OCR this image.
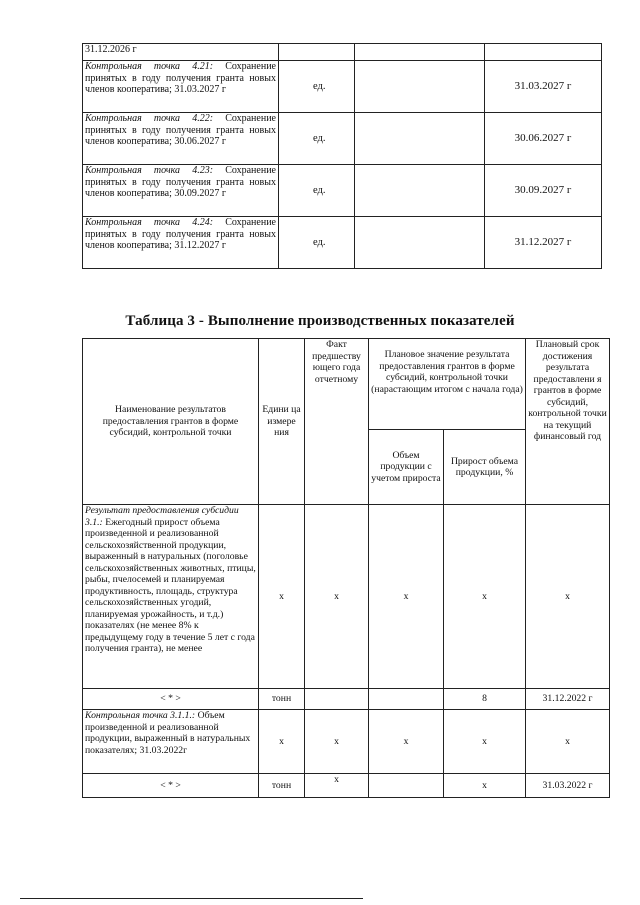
31.12.2026 г			
Контрольная точка 4.21: Сохранение принятых в году получения гранта новых членов кооператива; 31.03.2027 г	ед.		31.03.2027 г
Контрольная точка 4.22: Сохранение принятых в году получения гранта новых членов кооператива; 30.06.2027 г	ед.		30.06.2027 г
Контрольная точка 4.23: Сохранение принятых в году получения гранта новых членов кооператива; 30.09.2027 г	ед.		30.09.2027 г
Контрольная точка 4.24: Сохранение принятых в году получения гранта новых членов кооператива; 31.12.2027 г	ед.		31.12.2027 г
Таблица 3 - Выполнение производственных показателей
Наименование результатов предоставления грантов в форме субсидий, контрольной точки	Едини ца измере ния	Факт предшеству ющего года отчетному	Плановое значение результата предоставления грантов в форме субсидий, контрольной точки (нарастающим итогом с начала года)		Плановый срок достижения результата предоставлени я грантов в форме субсидий, контрольной точки на текущий финансовый год
			Объем продукции с учетом прироста	Прирост объема продукции, %	
Результат предоставления субсидии 3.1.: Ежегодный прирост объема произведенной и реализованной сельскохозяйственной продукции, выраженный в натуральных (поголовье сельскохозяйственных животных, птицы, рыбы, пчелосемей и планируемая продуктивность, площадь, структура сельскохозяйственных угодий, планируемая урожайность, и т.д.) показателях (не менее 8% к предыдущему году в течение 5 лет с года получения гранта), не менее	x	x	x	x	x
< * >	тонн			8	31.12.2022 г
Контрольная точка 3.1.1.: Объем произведенной и реализованной продукции, выраженный в натуральных показателях; 31.03.2022г	x	x	x	x	x
< * >	тонн	x		x	31.03.2022 г
